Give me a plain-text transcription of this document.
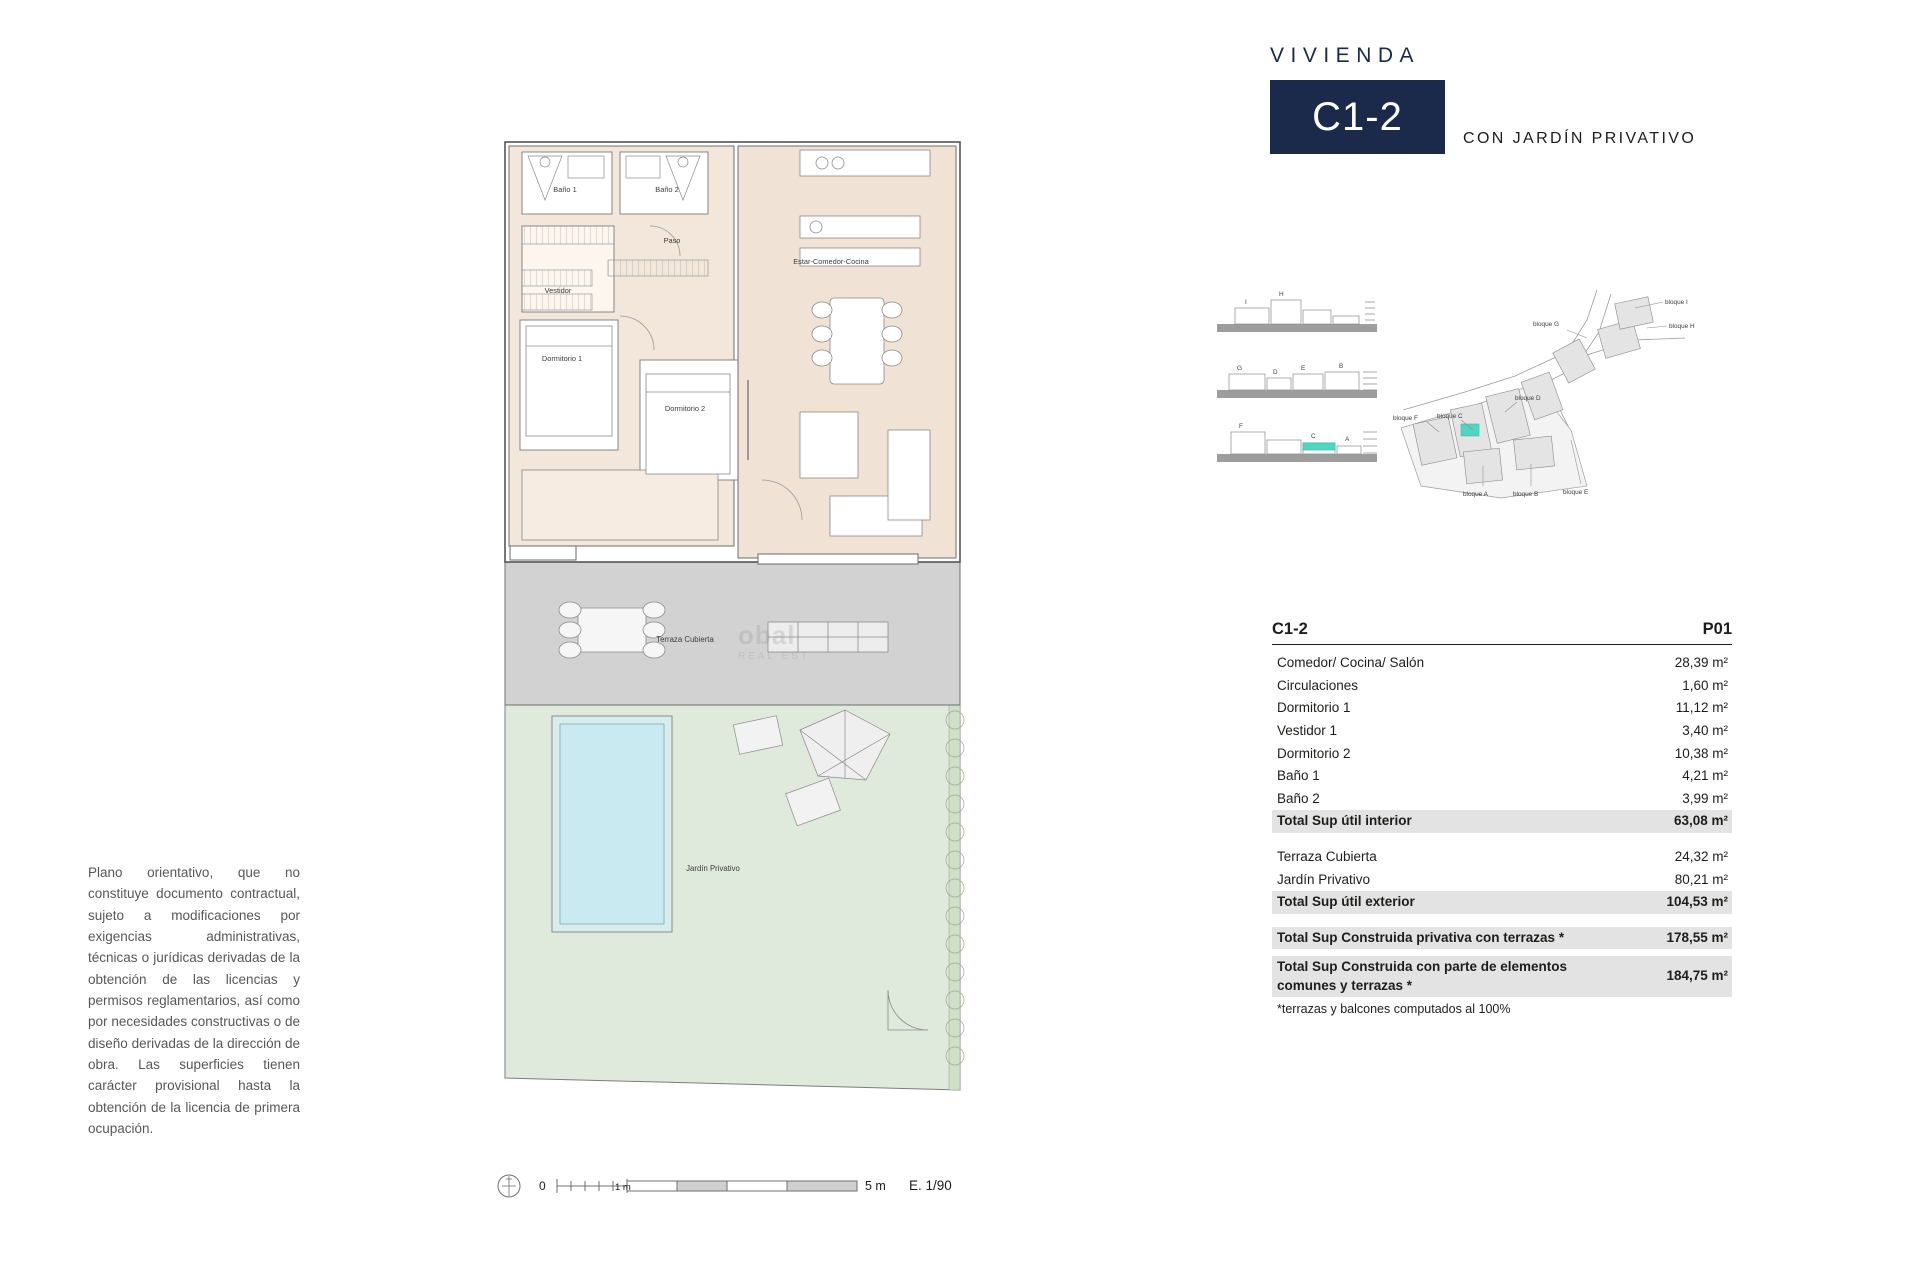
Plano orientativo, que no constituye documento contractual, sujeto a modificaciones por exigencias administrativas, técnicas o jurídicas derivadas de la obtención de las licencias y permisos reglamentarios, así como por necesidades constructivas o de diseño derivadas de la dirección de obra. Las superficies tienen carácter provisional hasta la obtención de la licencia de primera ocupación.
Baño 1	Baño 2
Paso
Vestidor
Estar-Comedor-Cocina
Dormitorio 1
Dormitorio 2
Terraza Cubierta
Jardín Privativo
obal
REAL EST
0	1 m	5 m E. 1/90
VIVIENDA
C1-2	CON JARDÍN PRIVATIVO
I
H
G
D
E	B
F
C	A
bloque I
bloque H
bloque G
bloque F
bloque D
bloque C
bloque A	bloque B	bloque E
C1-2	P01
Comedor/ Cocina/ Salón	28,39 m²
Circulaciones	1,60 m²
Dormitorio 1	11,12 m²
Vestidor 1	3,40 m²
Dormitorio 2	10,38 m²
Baño 1	4,21 m²
Baño 2	3,99 m²
Total Sup útil interior	63,08 m²
Terraza Cubierta	24,32 m²
Jardín Privativo	80,21 m²
Total Sup útil exterior	104,53 m²
Total Sup Construida privativa con terrazas *	178,55 m²
Total Sup Construida con parte de elementos comunes y terrazas *
184,75 m²
*terrazas y balcones computados al 100%
